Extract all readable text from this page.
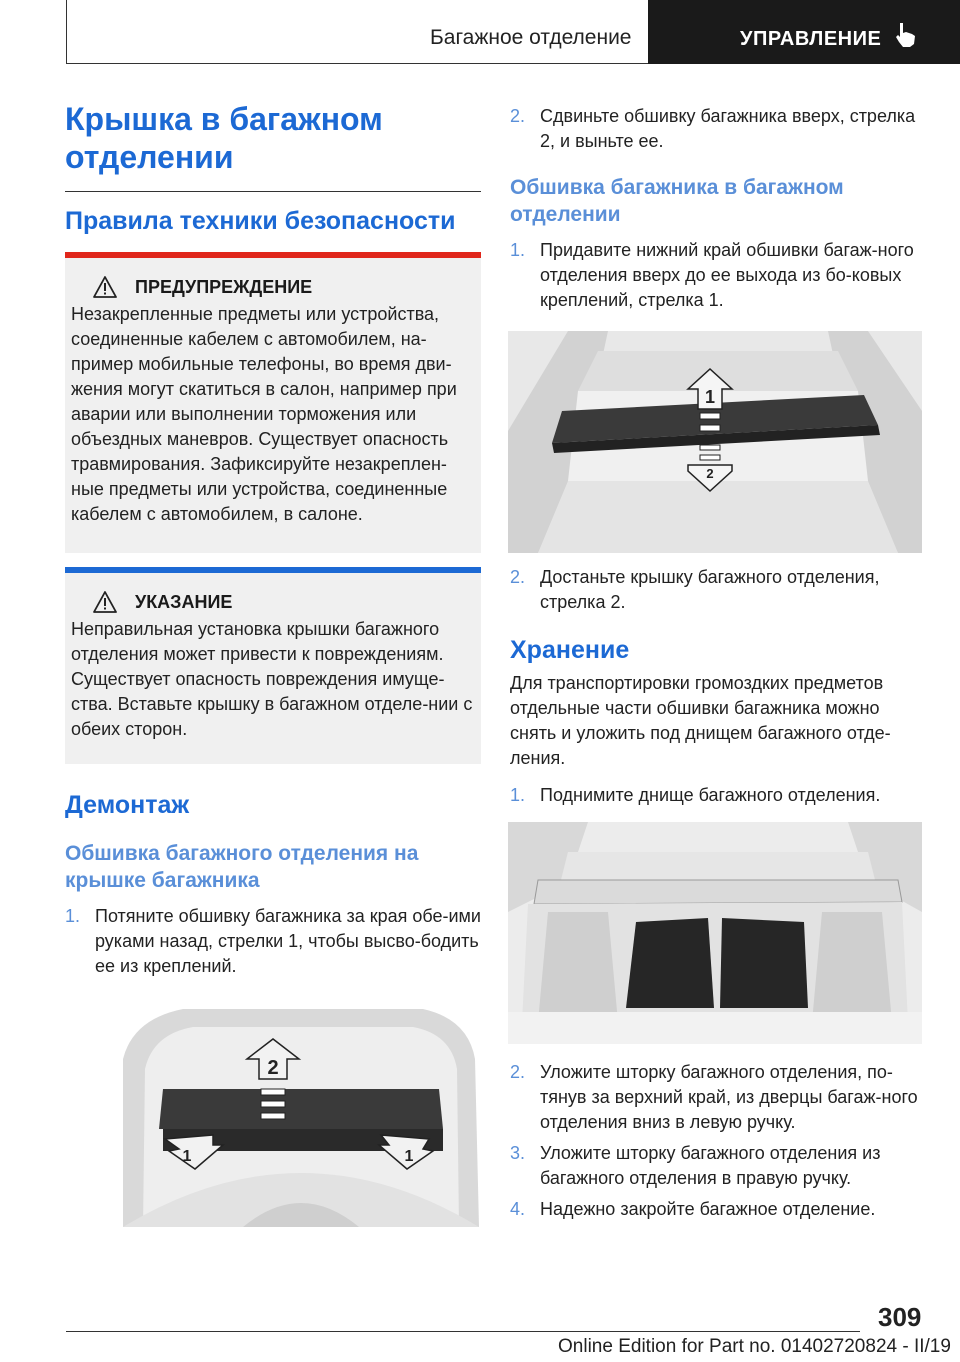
Багажное отделение	УПРАВЛЕНИЕ
Крышка в багажном отделении
Правила техники безопасности
ПРЕДУПРЕЖДЕНИЕ

Незакрепленные предметы или устройства, соединенные кабелем с автомобилем, на-пример мобильные телефоны, во время дви-жения могут скатиться в салон, например при аварии или выполнении торможения или объездных маневров. Существует опасность травмирования. Зафиксируйте незакреплен-ные предметы или устройства, соединенные кабелем с автомобилем, в салоне.

УКАЗАНИЕ

Неправильная установка крышки багажного отделения может привести к повреждениям. Существует опасность повреждения имуще-ства. Вставьте крышку в багажном отделе-нии с обеих сторон.

Демонтаж
Обшивка багажного отделения на крышке багажника
1. Потяните обшивку багажника за края обе-ими руками назад, стрелки 1, чтобы высво-бодить ее из креплений.
2
1	1
2. Сдвиньте обшивку багажника вверх, стрелка 2, и выньте ее.
Обшивка багажника в багажном отделении
1. Придавите нижний край обшивки багаж-ного отделения вверх до ее выхода из бо-ковых креплений, стрелка 1.
1
2
2. Достаньте крышку багажного отделения, стрелка 2.
Хранение

Для транспортировки громоздких предметов отдельные части обшивки багажника можно снять и уложить под днищем багажного отде-ления.

1. Поднимите днище багажного отделения.
2. Уложите шторку багажного отделения, по-тянув за верхний край, из дверцы багаж-ного отделения вниз в левую ручку.
3. Уложите шторку багажного отделения из багажного отделения в правую ручку.
4. Надежно закройте багажное отделение.
309
Online Edition for Part no. 01402720824 - II/19
